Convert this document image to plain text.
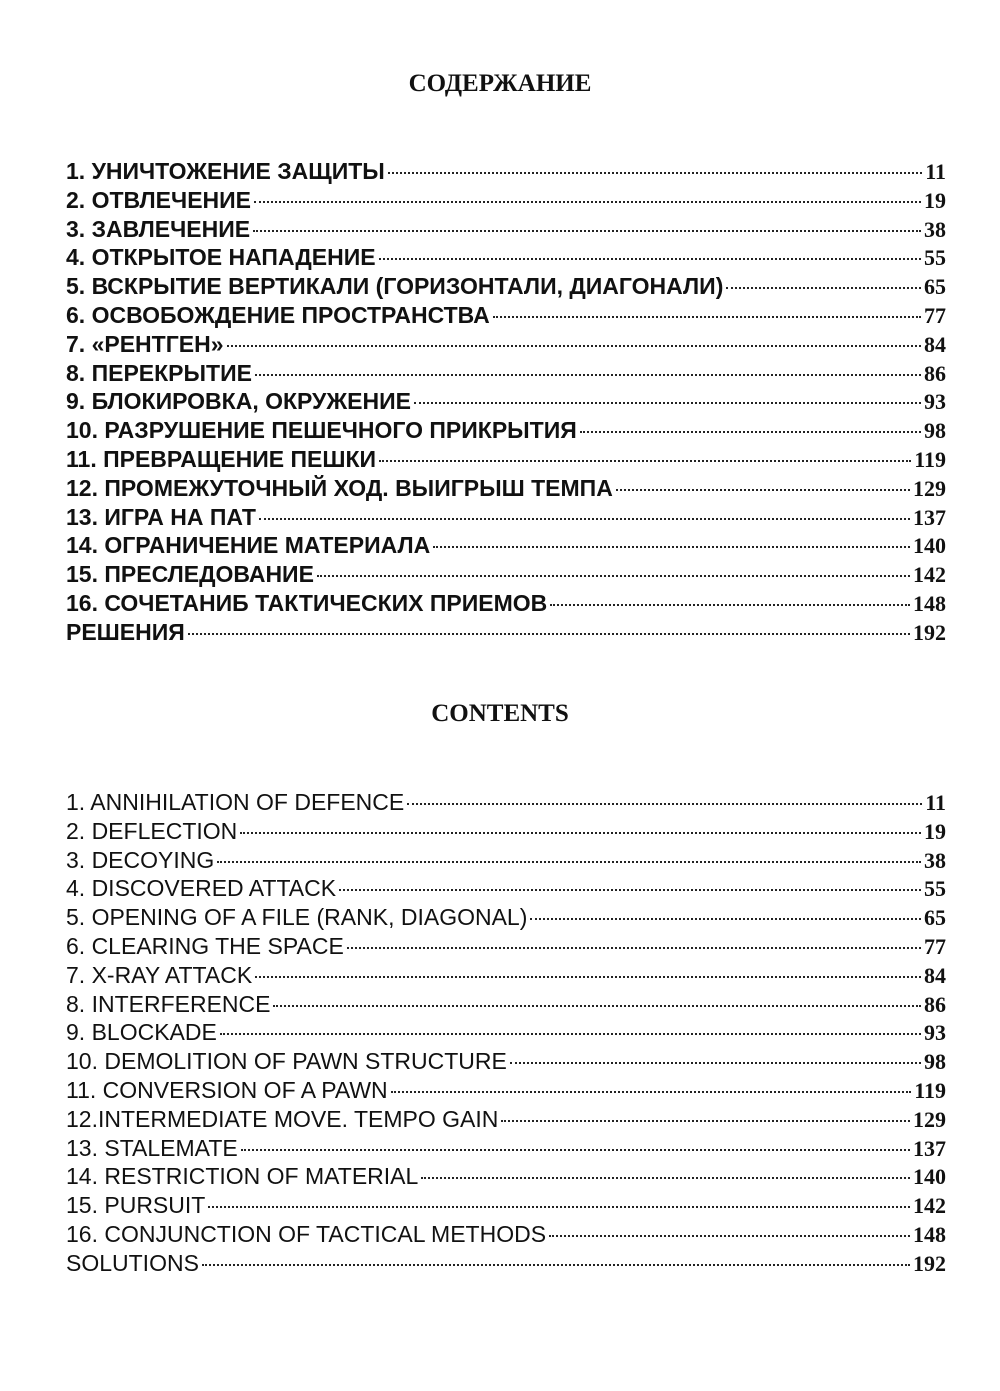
СОДЕРЖАНИЕ
1. УНИЧТОЖЕНИЕ ЗАЩИТЫ	11
2. ОТВЛЕЧЕНИЕ	19
3. ЗАВЛЕЧЕНИЕ	38
4. ОТКРЫТОЕ НАПАДЕНИЕ	55
5. ВСКРЫТИЕ ВЕРТИКАЛИ (ГОРИЗОНТАЛИ, ДИАГОНАЛИ)	65
6. ОСВОБОЖДЕНИЕ ПРОСТРАНСТВА	77
7. «РЕНТГЕН»	84
8. ПЕРЕКРЫТИЕ	86
9. БЛОКИРОВКА, ОКРУЖЕНИЕ	93
10. РАЗРУШЕНИЕ ПЕШЕЧНОГО ПРИКРЫТИЯ	98
11. ПРЕВРАЩЕНИЕ ПЕШКИ	119
12. ПРОМЕЖУТОЧНЫЙ ХОД. ВЫИГРЫШ ТЕМПА	129
13. ИГРА НА ПАТ	137
14. ОГРАНИЧЕНИЕ МАТЕРИАЛА	140
15. ПРЕСЛЕДОВАНИЕ	142
16. СОЧЕТАНИБ ТАКТИЧЕСКИХ ПРИЕМОВ	148
РЕШЕНИЯ	192
CONTENTS
1. ANNIHILATION OF DEFENCE	11
2. DEFLECTION	19
3. DECOYING	38
4. DISCOVERED ATTACK	55
5. OPENING OF A FILE (RANK, DIAGONAL)	65
6. CLEARING THE SPACE	77
7. X-RAY ATTACK	84
8. INTERFERENCE	86
9. BLOCKADE	93
10. DEMOLITION OF PAWN STRUCTURE	98
11. CONVERSION OF A PAWN	119
12.INTERMEDIATE MOVE. TEMPO GAIN	129
13. STALEMATE	137
14. RESTRICTION OF MATERIAL	140
15. PURSUIT	142
16. CONJUNCTION OF TACTICAL METHODS	148
SOLUTIONS	192
